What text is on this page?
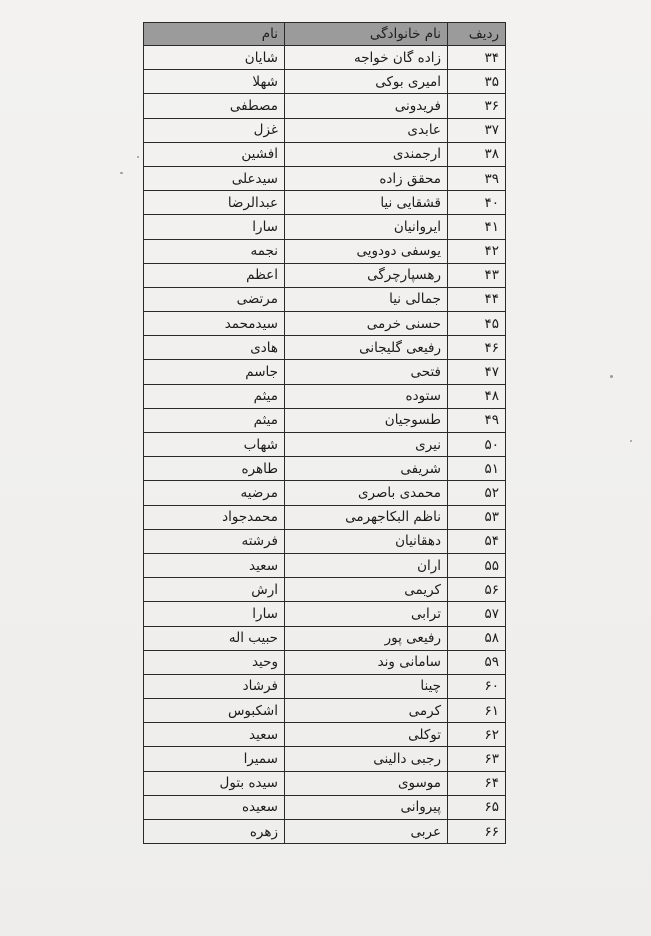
ردیف	نام خانوادگی	نام
۳۴	زاده گان خواجه	شایان
۳۵	امیری بوکی	شهلا
۳۶	فریدونی	مصطفی
۳۷	عابدی	غزل
۳۸	ارجمندی	افشین
۳۹	محقق زاده	سیدعلی
۴۰	قشقایی نیا	عبدالرضا
۴۱	ایروانیان	سارا
۴۲	یوسفی دودویی	نجمه
۴۳	رهسپارچرگی	اعظم
۴۴	جمالی نیا	مرتضی
۴۵	حسنی خرمی	سیدمحمد
۴۶	رفیعی گلیجانی	هادی
۴۷	فتحی	جاسم
۴۸	ستوده	میثم
۴۹	طسوجیان	میثم
۵۰	نیری	شهاب
۵۱	شریفی	طاهره
۵۲	محمدی باصری	مرضیه
۵۳	ناظم البکاجهرمی	محمدجواد
۵۴	دهقانیان	فرشته
۵۵	اران	سعید
۵۶	کریمی	ارش
۵۷	ترابی	سارا
۵۸	رفیعی پور	حبیب اله
۵۹	سامانی وند	وحید
۶۰	چینا	فرشاد
۶۱	کرمی	اشکبوس
۶۲	توکلی	سعید
۶۳	رجبی دالینی	سمیرا
۶۴	موسوی	سیده بتول
۶۵	پیروانی	سعیده
۶۶	عربی	زهره
